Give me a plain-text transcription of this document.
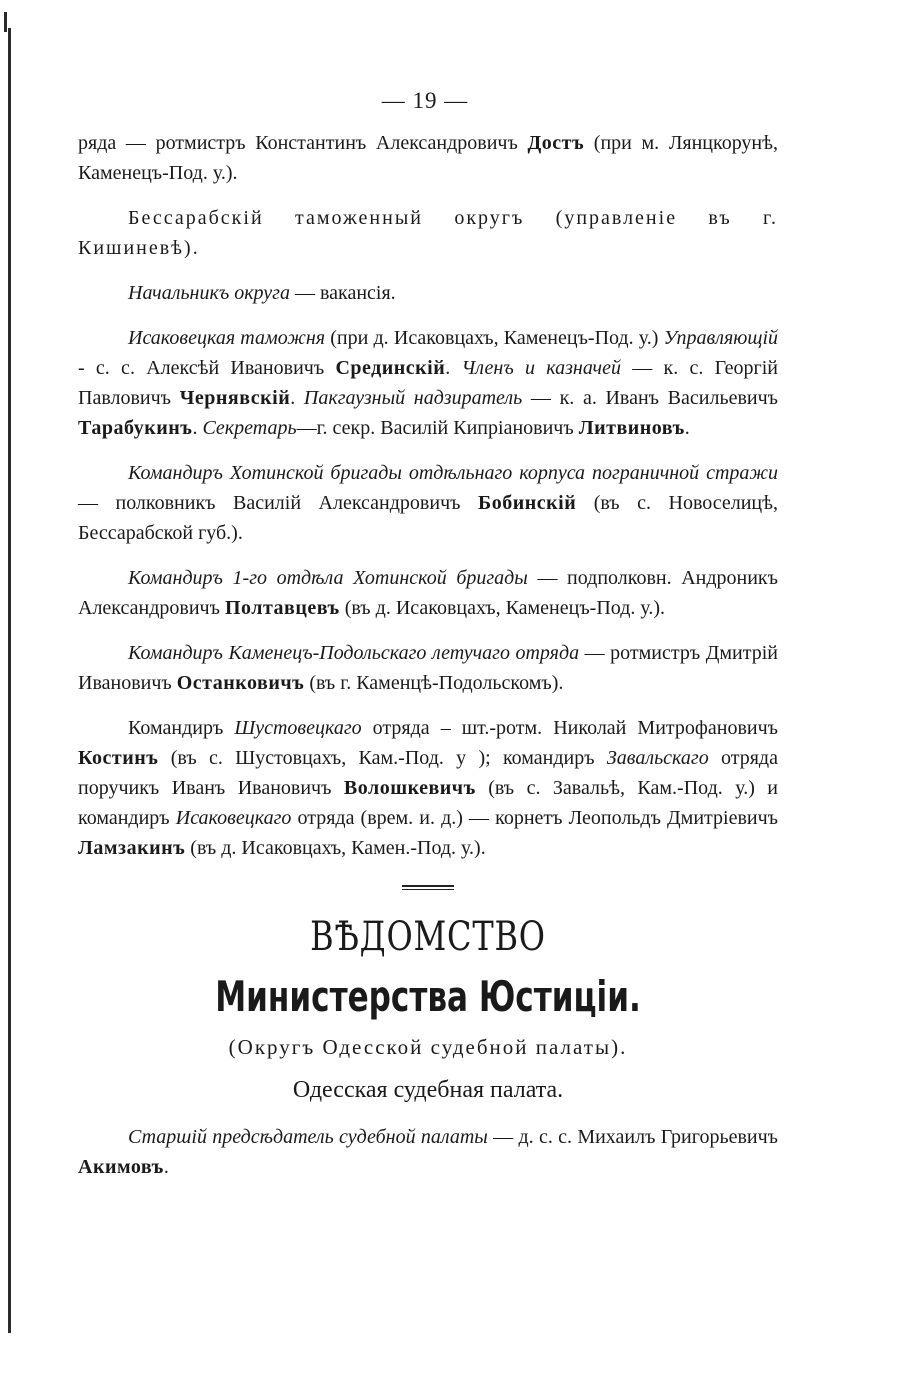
— 19 —

ряда — ротмистръ Константинъ Александровичъ Достъ (при м. Лянцкорунѣ, Каменецъ-Под. у.).

Бессарабскій таможенный округъ (управленіе въ г. Кишиневѣ).

Начальникъ округа — вакансія.

Исаковецкая таможня (при д. Исаковцахъ, Каменецъ-Под. у.) Управляющій - с. с. Алексѣй Ивановичъ Срединскій. Членъ и казначей — к. с. Георгій Павловичъ Чернявскій. Пакгаузный надзиратель — к. а. Иванъ Васильевичъ Тарабукинъ. Секретарь—г. секр. Василій Кипріановичъ Литвиновъ.

Командиръ Хотинской бригады отдѣльнаго корпуса пограничной стражи — полковникъ Василій Александровичъ Бобинскій (въ с. Новоселицѣ, Бессарабской губ.).

Командиръ 1-го отдѣла Хотинской бригады — подполковн. Андроникъ Александровичъ Полтавцевъ (въ д. Исаковцахъ, Каменецъ-Под. у.).

Командиръ Каменецъ-Подольскаго летучаго отряда — ротмистръ Дмитрій Ивановичъ Останковичъ (въ г. Каменцѣ-Подольскомъ).

Командиръ Шустовецкаго отряда – шт.-ротм. Николай Митрофановичъ Костинъ (въ с. Шустовцахъ, Кам.-Под. у ); командиръ Завальскаго отряда поручикъ Иванъ Ивановичъ Волошкевичъ (въ с. Завальѣ, Кам.-Под. у.) и командиръ Исаковецкаго отряда (врем. и. д.) — корнетъ Леопольдъ Дмитріевичъ Ламзакинъ (въ д. Исаковцахъ, Камен.-Под. у.).

ВѢДОМСТВО
Министерства Юстиціи.
(Округъ Одесской судебной палаты).
Одесская судебная палата.

Старшій предсѣдатель судебной палаты — д. с. с. Михаилъ Григорьевичъ Акимовъ.
